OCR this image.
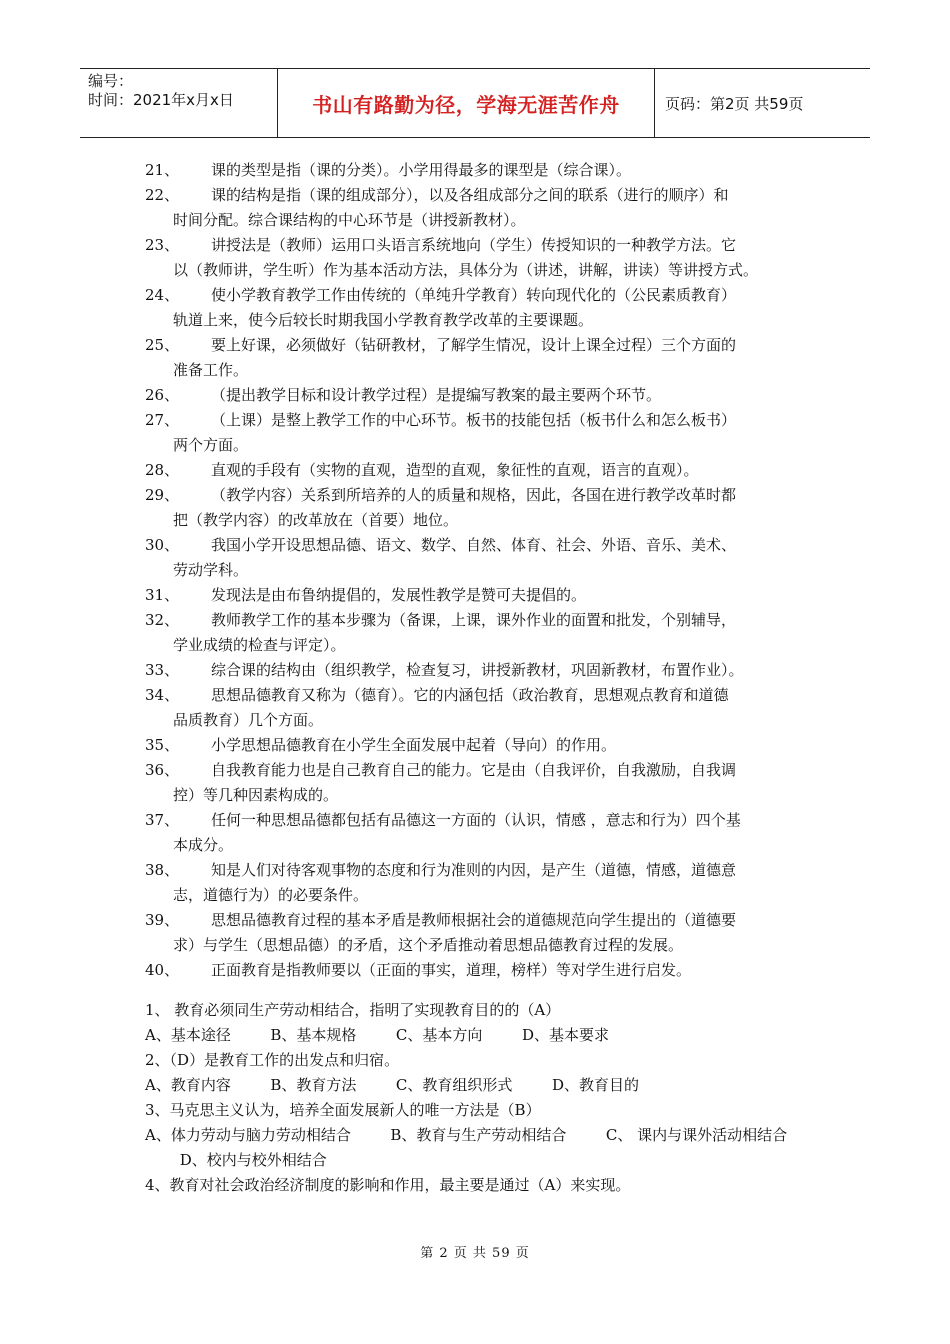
编号：
时间：2021年x月x日	书山有路勤为径，学海无涯苦作舟	页码：第2页 共59页
21、	课的类型是指（课的分类）。小学用得最多的课型是（综合课）。
22、	课的结构是指（课的组成部分），以及各组成部分之间的联系（进行的顺序）和
时间分配。综合课结构的中心环节是（讲授新教材）。
23、	讲授法是（教师）运用口头语言系统地向（学生）传授知识的一种教学方法。它
以（教师讲，学生听）作为基本活动方法，具体分为（讲述，讲解，讲读）等讲授方式。
24、	使小学教育教学工作由传统的（单纯升学教育）转向现代化的（公民素质教育）
轨道上来，使今后较长时期我国小学教育教学改革的主要课题。
25、	要上好课，必须做好（钻研教材，了解学生情况，设计上课全过程）三个方面的
准备工作。
26、	（提出教学目标和设计教学过程）是提编写教案的最主要两个环节。
27、	（上课）是整上教学工作的中心环节。板书的技能包括（板书什么和怎么板书）
两个方面。
28、	直观的手段有（实物的直观，造型的直观，象征性的直观，语言的直观）。
29、	（教学内容）关系到所培养的人的质量和规格，因此，各国在进行教学改革时都
把（教学内容）的改革放在（首要）地位。
30、	我国小学开设思想品德、语文、数学、自然、体育、社会、外语、音乐、美术、
劳动学科。
31、	发现法是由布鲁纳提倡的，发展性教学是赞可夫提倡的。
32、	教师教学工作的基本步骤为（备课，上课，课外作业的面置和批发，个别辅导，
学业成绩的检查与评定）。
33、	综合课的结构由（组织教学，检查复习，讲授新教材，巩固新教材，布置作业）。
34、	思想品德教育又称为（德育）。它的内涵包括（政治教育，思想观点教育和道德
品质教育）几个方面。
35、	小学思想品德教育在小学生全面发展中起着（导向）的作用。
36、	自我教育能力也是自己教育自己的能力。它是由（自我评价，自我激励，自我调
控）等几种因素构成的。
37、	任何一种思想品德都包括有品德这一方面的（认识，情感 ，意志和行为）四个基
本成分。
38、	知是人们对待客观事物的态度和行为准则的内因，是产生（道德，情感，道德意
志，道德行为）的必要条件。
39、	思想品德教育过程的基本矛盾是教师根据社会的道德规范向学生提出的（道德要
求）与学生（思想品德）的矛盾，这个矛盾推动着思想品德教育过程的发展。
40、	正面教育是指教师要以（正面的事实，道理，榜样）等对学生进行启发。
1、 教育必须同生产劳动相结合，指明了实现教育目的的（A）
A、基本途径 　　 B、基本规格 　　 C、基本方向 　　 D、基本要求
2、（D）是教育工作的出发点和归宿。
A、教育内容 　　 B、教育方法 　　 C、教育组织形式 　　 D、教育目的
3、马克思主义认为，培养全面发展新人的唯一方法是（B）
A、体力劳动与脑力劳动相结合 　　 B、教育与生产劳动相结合 　　 C、 课内与课外活动相结合 　　 D、校内与校外相结合
4、教育对社会政治经济制度的影响和作用，最主要是通过（A）来实现。
第 2 页 共 59 页
